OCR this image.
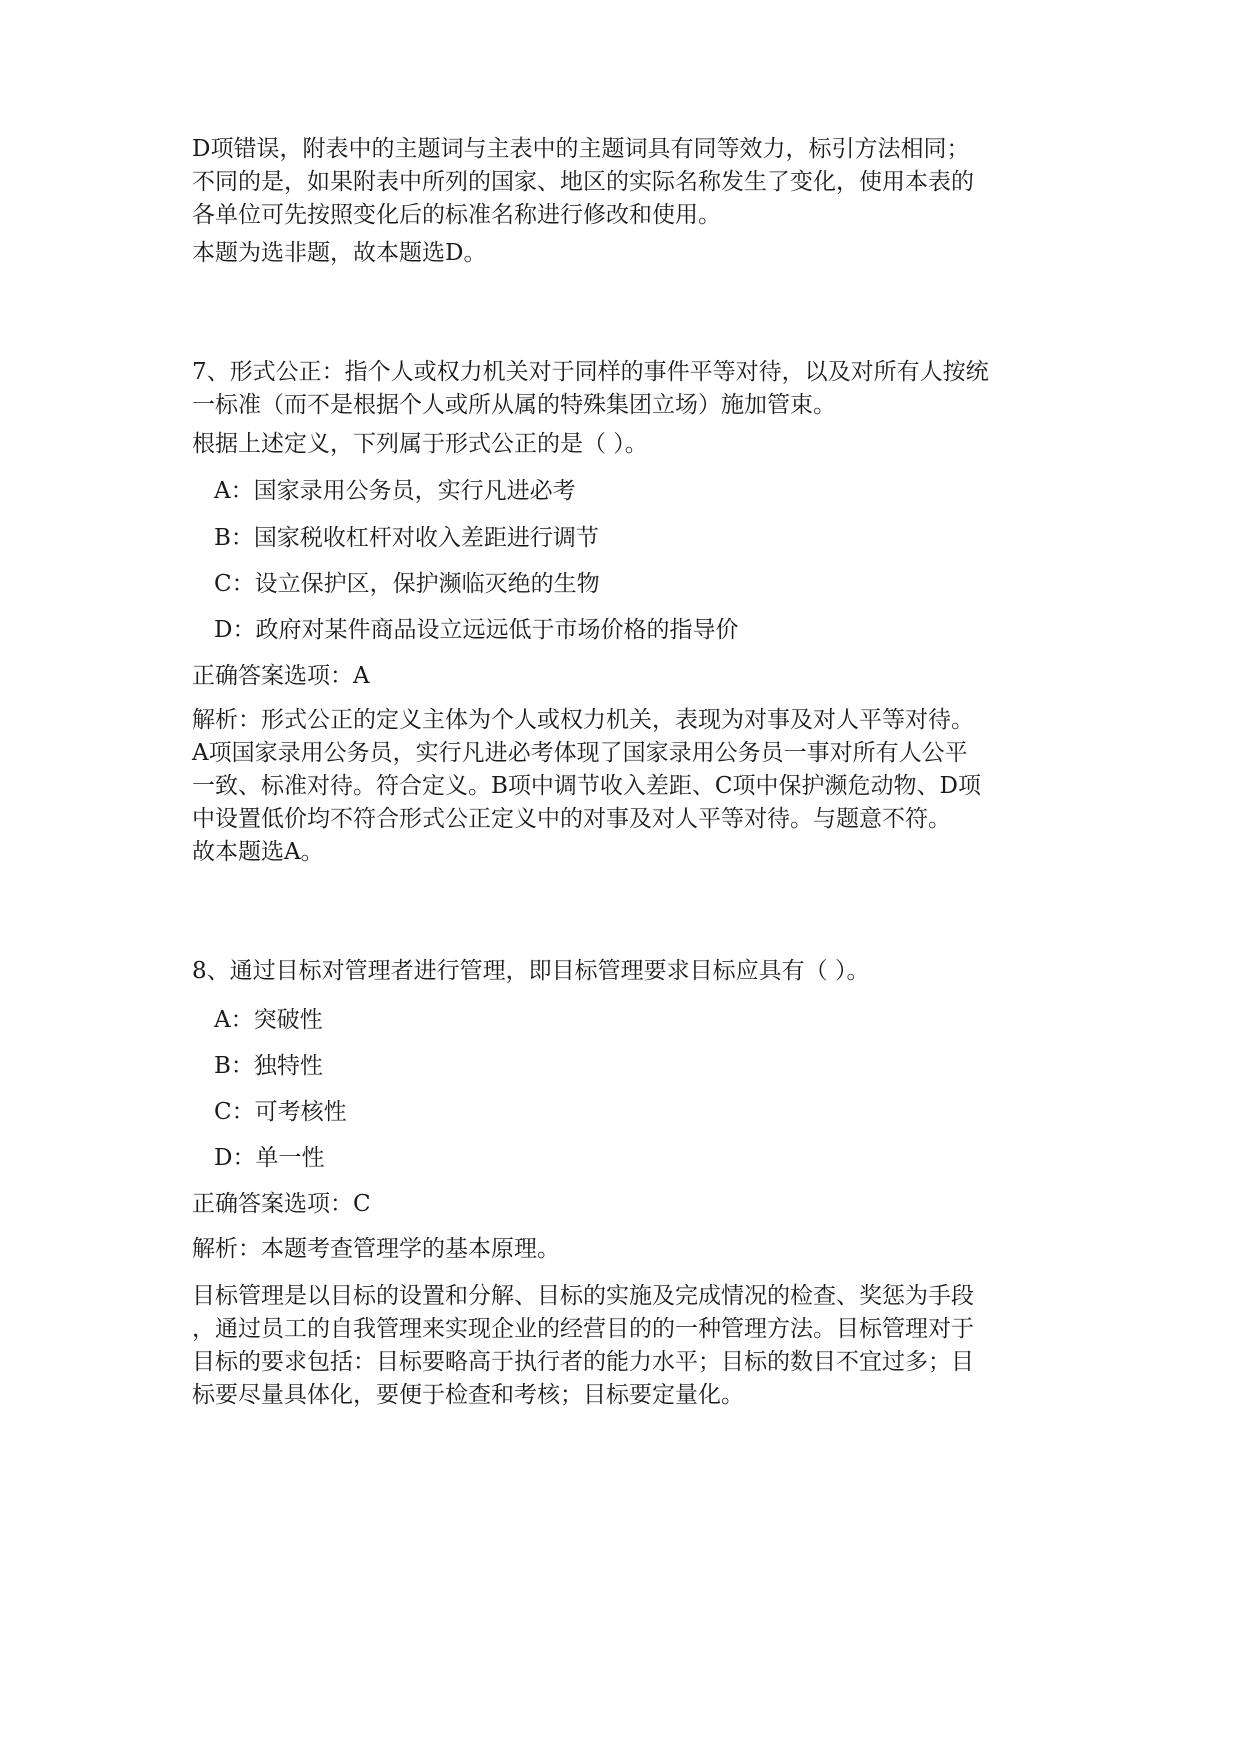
D项错误，附表中的主题词与主表中的主题词具有同等效力，标引方法相同；
不同的是，如果附表中所列的国家、地区的实际名称发生了变化，使用本表的
各单位可先按照变化后的标准名称进行修改和使用。
本题为选非题，故本题选D。
7、形式公正：指个人或权力机关对于同样的事件平等对待，以及对所有人按统
一标准（而不是根据个人或所从属的特殊集团立场）施加管束。
根据上述定义，下列属于形式公正的是（ ）。
A：国家录用公务员，实行凡进必考
B：国家税收杠杆对收入差距进行调节
C：设立保护区，保护濒临灭绝的生物
D：政府对某件商品设立远远低于市场价格的指导价
正确答案选项：A
解析：形式公正的定义主体为个人或权力机关，表现为对事及对人平等对待。
A项国家录用公务员，实行凡进必考体现了国家录用公务员一事对所有人公平
一致、标准对待。符合定义。B项中调节收入差距、C项中保护濒危动物、D项
中设置低价均不符合形式公正定义中的对事及对人平等对待。与题意不符。
故本题选A。
8、通过目标对管理者进行管理，即目标管理要求目标应具有（ ）。
A：突破性
B：独特性
C：可考核性
D：单一性
正确答案选项：C
解析：本题考查管理学的基本原理。
目标管理是以目标的设置和分解、目标的实施及完成情况的检查、奖惩为手段
，通过员工的自我管理来实现企业的经营目的的一种管理方法。目标管理对于
目标的要求包括：目标要略高于执行者的能力水平；目标的数目不宜过多；目
标要尽量具体化，要便于检查和考核；目标要定量化。
